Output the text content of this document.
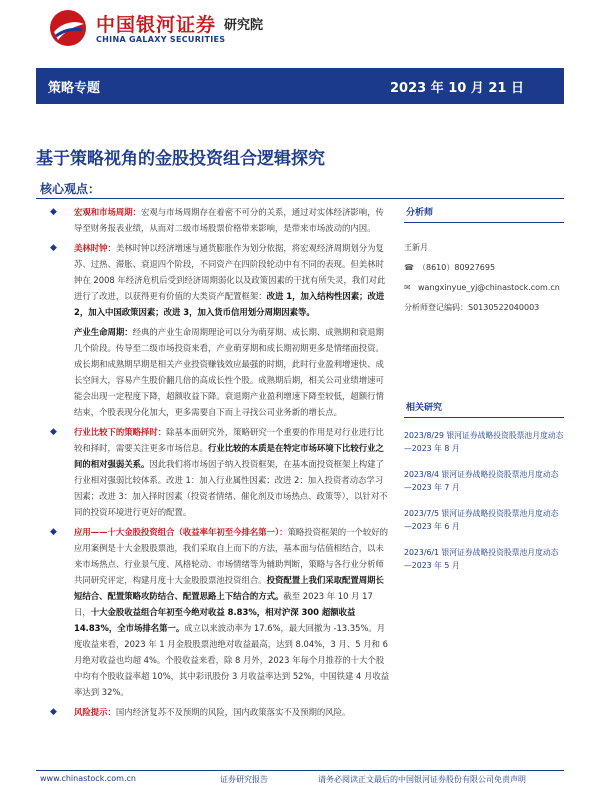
中国银河证券 研究院
CHINA GALAXY SECURITIES
策略专题	2023 年 10 月 21 日
基于策略视角的金股投资组合逻辑探究
核心观点：
◆ 宏观和市场周期：宏观与市场周期存在着密不可分的关系，通过对实体经济影响，传导至财务报表业绩，从而对二级市场股票价格带来影响，是带来市场波动的内因。
◆ 美林时钟：美林时钟以经济增速与通货膨胀作为划分依据，将宏观经济周期划分为复苏、过热、滞胀、衰退四个阶段，不同资产在四阶段轮动中有不同的表现。但美林时钟在 2008 年经济危机后受到经济周期弱化以及政策因素的干扰有所失灵，我们对此进行了改进，以获得更有价值的大类资产配置框架：改进 1，加入结构性因素；改进 2，加入中国政策因素；改进 3，加入货币信用划分周期因素等。
产业生命周期：经典的产业生命周期理论可以分为萌芽期、成长期、成熟期和衰退期几个阶段。传导至二级市场投资来看，产业萌芽期和成长期初期更多是情绪面投资。成长期和成熟期早期是相关产业投资赚钱效应最强的时期，此时行业盈利增速快、成长空间大，容易产生股价翻几倍的高成长性个股。成熟期后期，相关公司业绩增速可能会出现一定程度下降，超额收益下降。衰退期产业盈利增速下降至较低，超额行情结束，个股表现分化加大，更多需要自下而上寻找公司业务新的增长点。
◆ 行业比较下的策略择时：除基本面研究外，策略研究一个重要的作用是对行业进行比较和择时，需要关注更多市场信息。行业比较的本质是在特定市场环境下比较行业之间的相对强弱关系。因此我们将市场因子纳入投资框架，在基本面投资框架上构建了行业相对强弱比较体系。改进 1：加入行业属性因素；改进 2：加入投资者动态学习因素；改进 3：加入择时因素（投资者情绪、催化剂及市场热点、政策等），以针对不同的投资环境进行更好的配置。
◆ 应用——十大金股投资组合（收益率年初至今排名第一）：策略投资框架的一个较好的应用案例是十大金股股票池，我们采取自上而下的方法，基本面与估值相结合，以未来市场热点、行业景气度、风格轮动、市场情绪等为辅助判断，策略与各行业分析师共同研究评定，构建月度十大金股股票池投资组合。投资配置上我们采取配置周期长短结合、配置策略攻防结合、配置思路上下结合的方式。截至 2023 年 10 月 17 日，十大金股收益组合年初至今绝对收益 8.83%，相对沪深 300 超额收益 14.83%，全市场排名第一。成立以来波动率为 17.6%，最大回撤为 -13.35%。月度收益来看，2023 年 1 月金股股票池绝对收益最高，达到 8.04%，3 月、5 月和 6 月绝对收益也均超 4%。个股收益来看，除 8 月外，2023 年每个月推荐的十大个股中均有个股收益率超 10%，其中彩讯股份 3 月收益率达到 52%，中国铁建 4 月收益率达到 32%。
◆ 风险提示：国内经济复苏不及预期的风险，国内政策落实不及预期的风险。
分析师
王新月
☎ （8610）80927695
✉ wangxinyue_yj@chinastock.com.cn
分析师登记编码：S0130522040003
相关研究
2023/8/29 银河证券战略投资股票池月度动态—2023 年 8 月
2023/8/4 银河证券战略投资股票池月度动态—2023 年 7 月
2023/7/5 银河证券战略投资股票池月度动态—2023 年 6 月
2023/6/1 银河证券战略投资股票池月度动态—2023 年 5 月
www.chinastock.com.cn	证券研究报告	请务必阅读正文最后的中国银河证券股份有限公司免责声明
